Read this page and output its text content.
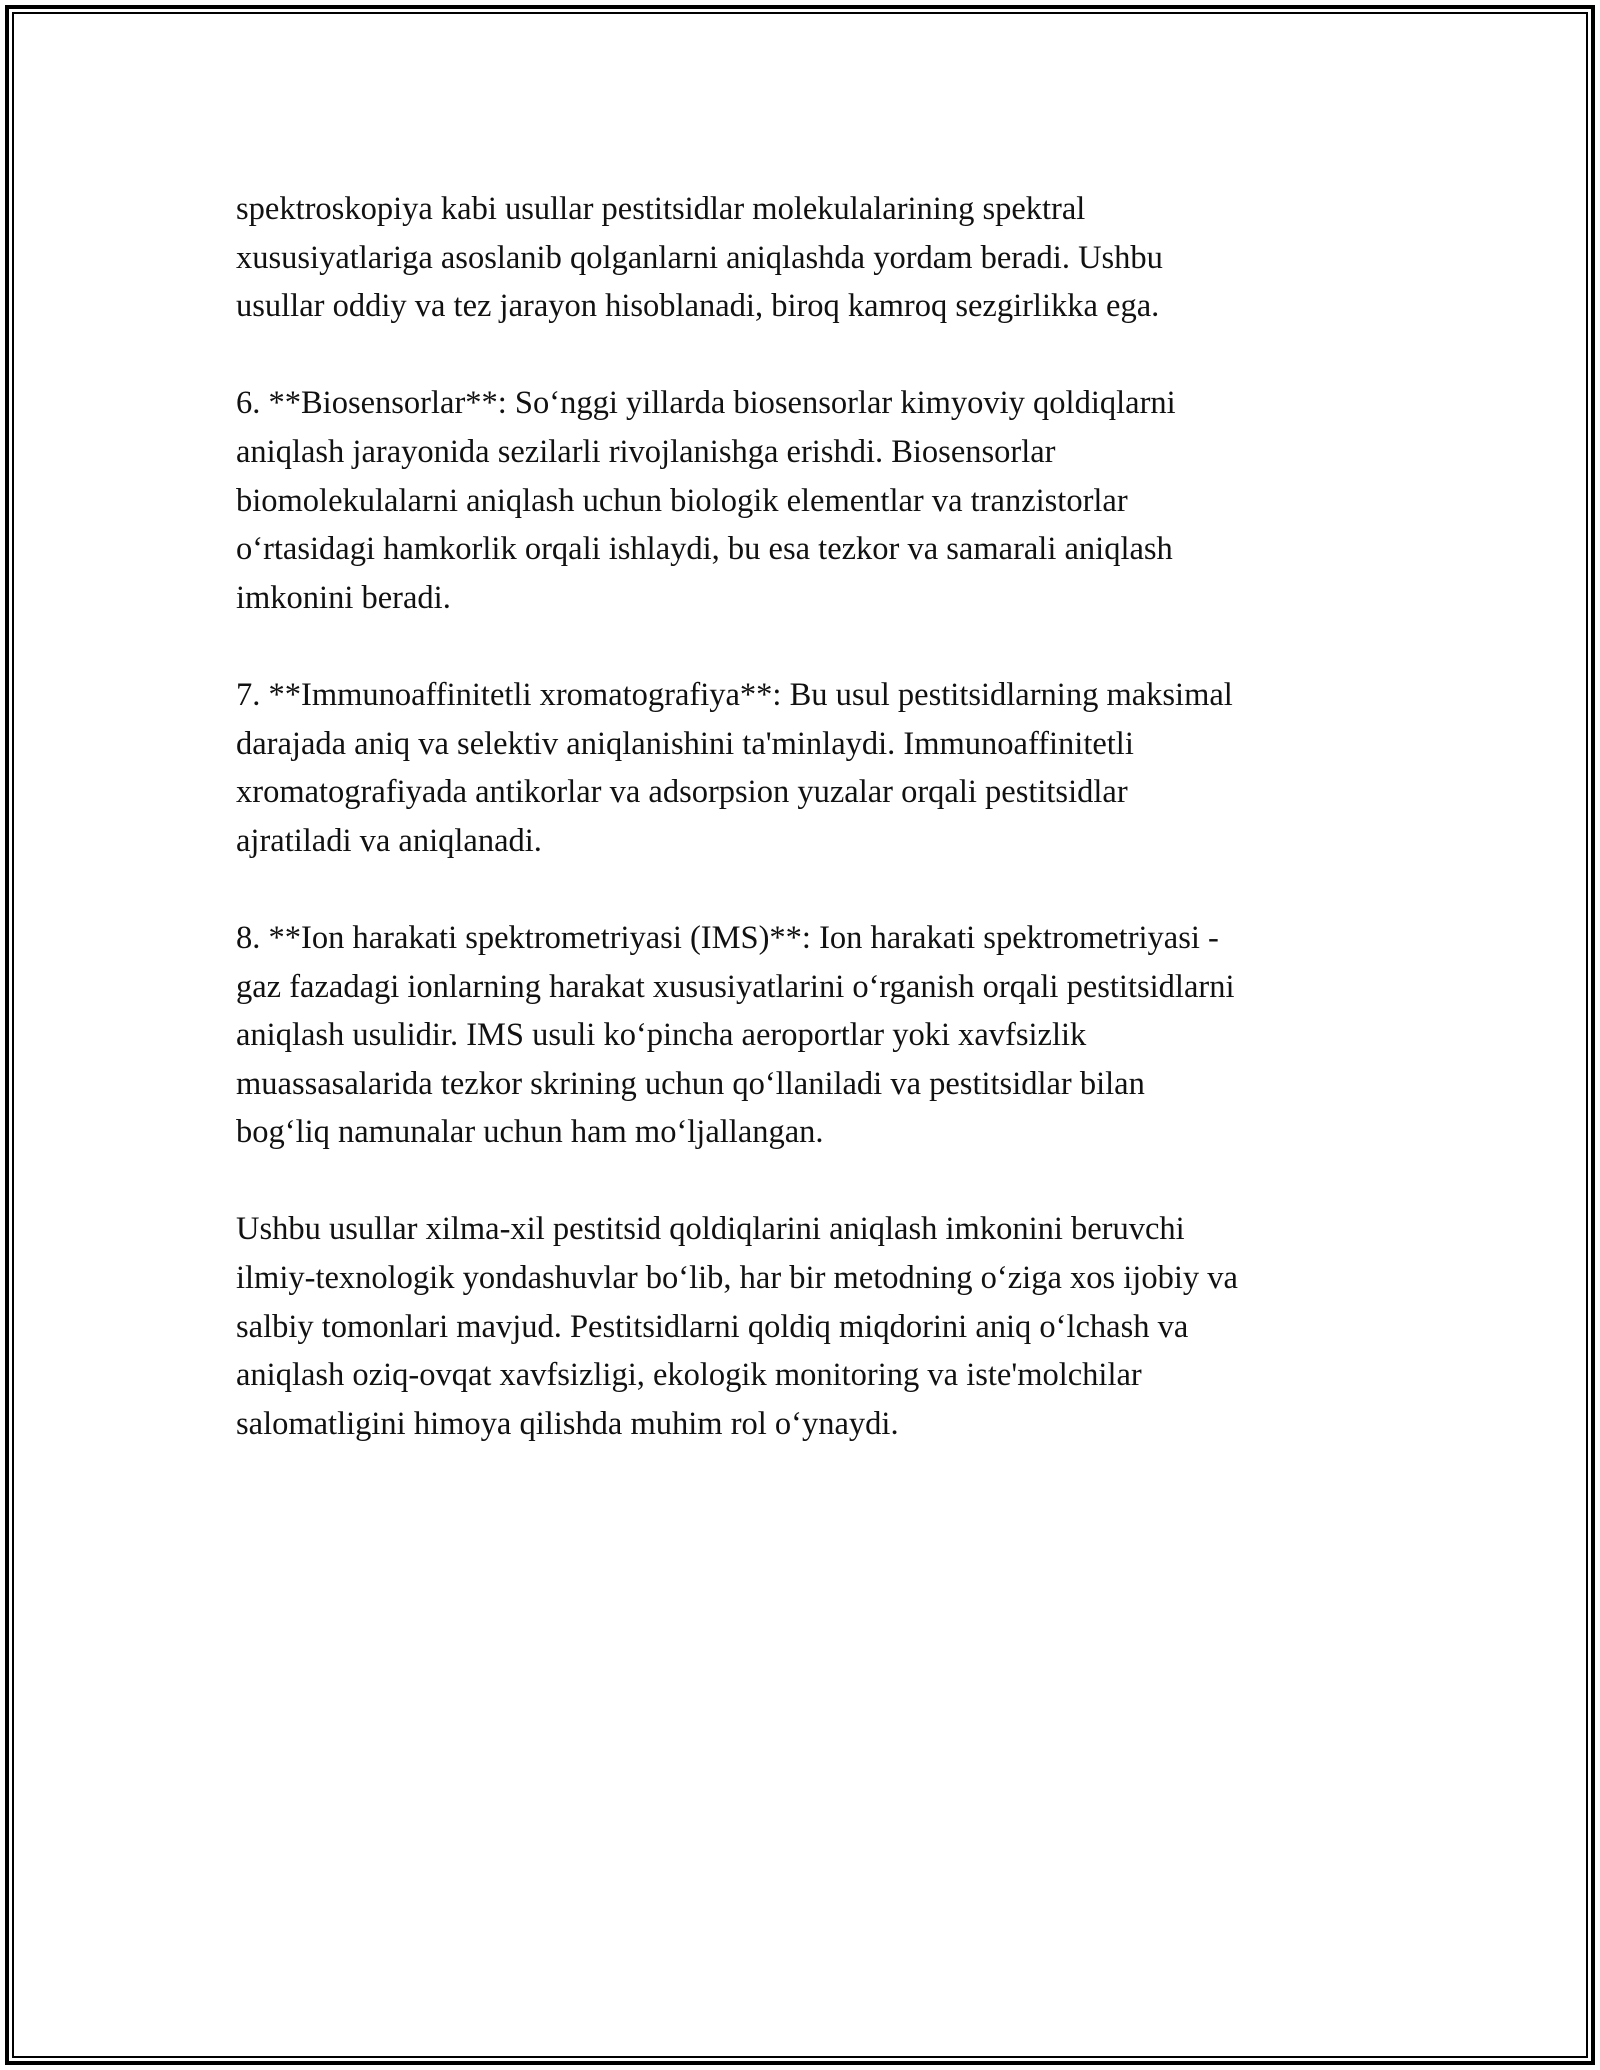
spektroskopiya kabi usullar pestitsidlar molekulalarining spektral
xususiyatlariga asoslanib qolganlarni aniqlashda yordam beradi. Ushbu
usullar oddiy va tez jarayon hisoblanadi, biroq kamroq sezgirlikka ega.

6. **Biosensorlar**: So‘nggi yillarda biosensorlar kimyoviy qoldiqlarni
aniqlash jarayonida sezilarli rivojlanishga erishdi. Biosensorlar
biomolekulalarni aniqlash uchun biologik elementlar va tranzistorlar
o‘rtasidagi hamkorlik orqali ishlaydi, bu esa tezkor va samarali aniqlash
imkonini beradi.

7. **Immunoaffinitetli xromatografiya**: Bu usul pestitsidlarning maksimal
darajada aniq va selektiv aniqlanishini ta'minlaydi. Immunoaffinitetli
xromatografiyada antikorlar va adsorpsion yuzalar orqali pestitsidlar
ajratiladi va aniqlanadi.

8. **Ion harakati spektrometriyasi (IMS)**: Ion harakati spektrometriyasi -
gaz fazadagi ionlarning harakat xususiyatlarini o‘rganish orqali pestitsidlarni
aniqlash usulidir. IMS usuli ko‘pincha aeroportlar yoki xavfsizlik
muassasalarida tezkor skrining uchun qo‘llaniladi va pestitsidlar bilan
bog‘liq namunalar uchun ham mo‘ljallangan.

Ushbu usullar xilma-xil pestitsid qoldiqlarini aniqlash imkonini beruvchi
ilmiy-texnologik yondashuvlar bo‘lib, har bir metodning o‘ziga xos ijobiy va
salbiy tomonlari mavjud. Pestitsidlarni qoldiq miqdorini aniq o‘lchash va
aniqlash oziq-ovqat xavfsizligi, ekologik monitoring va iste'molchilar
salomatligini himoya qilishda muhim rol o‘ynaydi.
